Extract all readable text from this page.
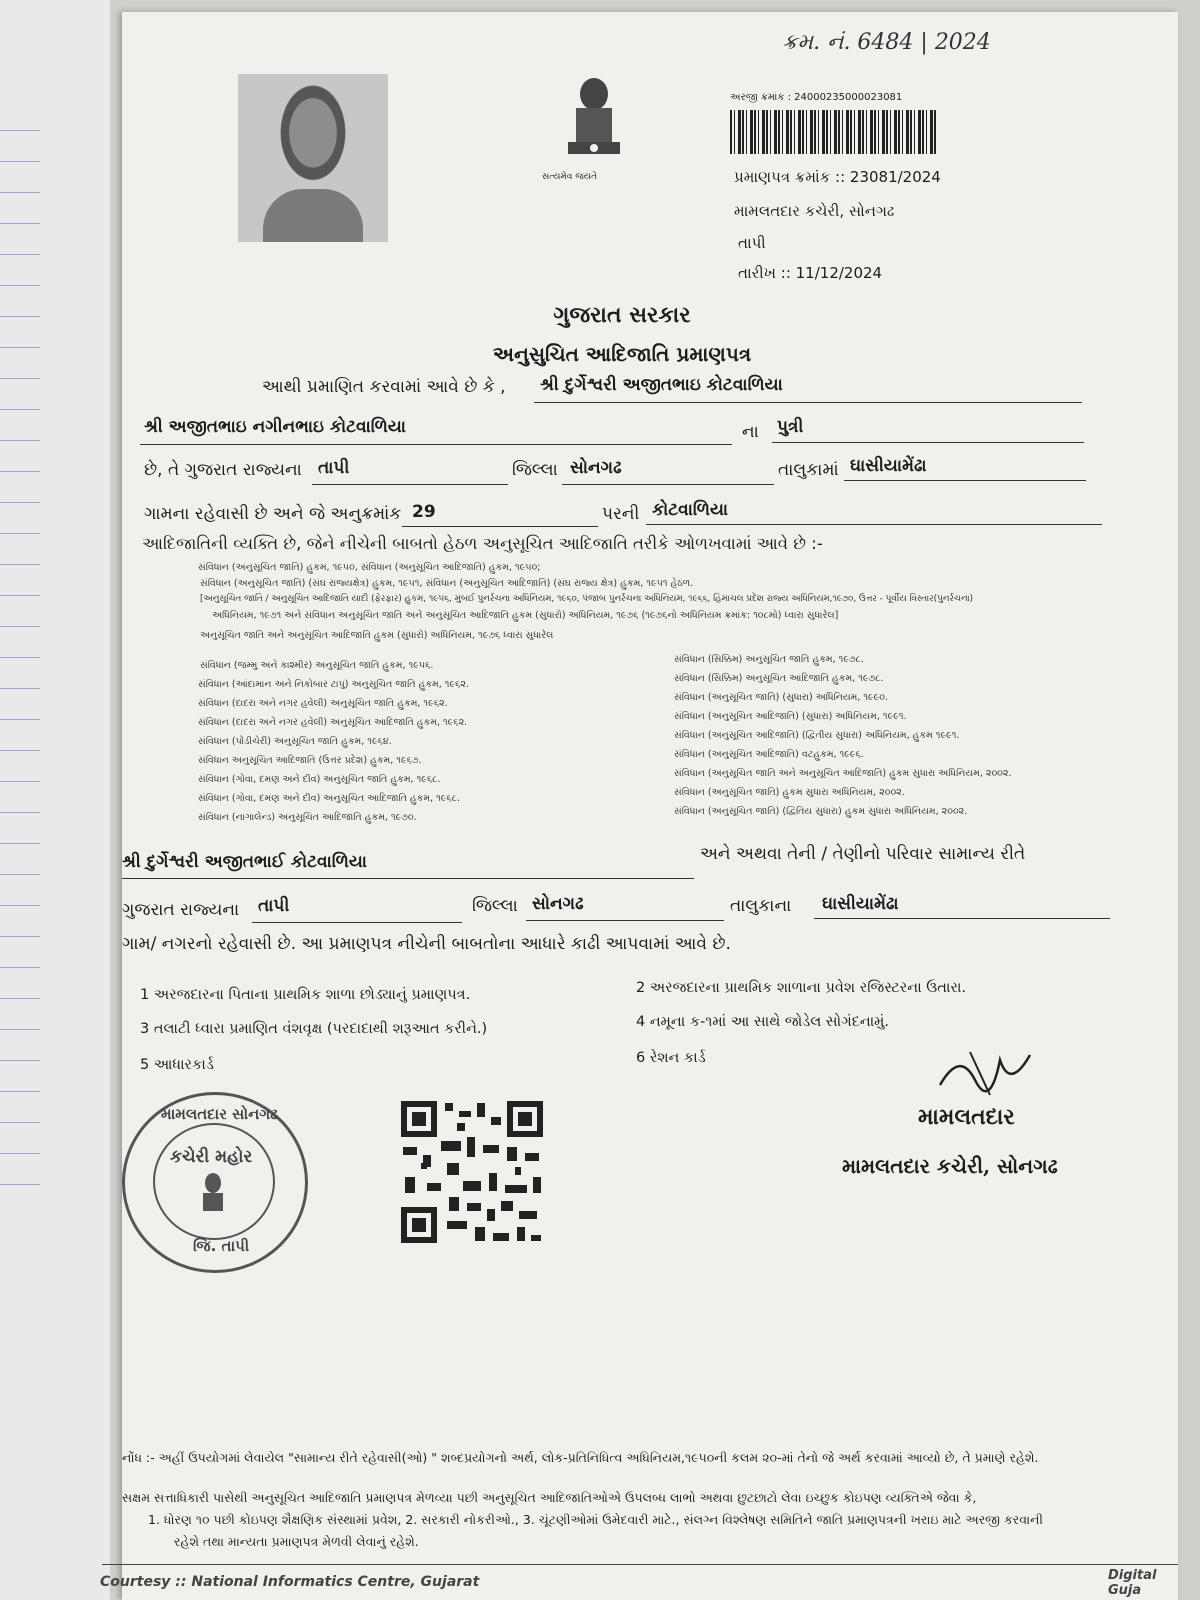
ક્રમ. નં. 6484 | 2024
સત્યમેવ જયતે
અરજી ક્રમાંક : 24000235000023081
પ્રમાણપત્ર ક્રમાંક :: 23081/2024
મામલતદાર કચેરી, સોનગઢ
તાપી
તારીખ :: 11/12/2024
ગુજરાત સરકાર
અનુસુચિત આદિજાતિ પ્રમાણપત્ર
આથી પ્રમાણિત કરવામાં આવે છે કે , શ્રી દુર્ગેશ્વરી અજીતભાઇ કોટવાળિયા
શ્રી અજીતભાઇ નગીનભાઇ કોટવાળિયા	ના પુત્રી
છે, તે ગુજરાત રાજ્યના તાપી	જિલ્લા સોનગઢ	તાલુકામાં ઘાસીયામેંઢા
ગામના રહેવાસી છે અને જે અનુક્રમાંક 29	પરની કોટવાળિયા
આદિજાતિની વ્યક્તિ છે, જેને નીચેની બાબતો હેઠળ અનુસૂચિત આદિજાતિ તરીકે ઓળખવામાં આવે છે :-
સંવિધાન (અનુસૂચિત જાતિ) હુકમ, ૧૯૫૦, સંવિધાન (અનુસૂચિત આદિજાતિ) હુકમ, ૧૯૫૦;
સંવિધાન (અનુસૂચિત જાતિ) (સંઘ રાજ્યક્ષેત્ર) હુકમ, ૧૯૫૧, સંવિધાન (અનુસૂચિત આદિજાતિ) (સંઘ રાજ્ય ક્ષેત્ર) હુકમ, ૧૯૫૧ હેઠળ.
[અનુસૂચિત જાતિ / અનુસૂચિત આદિજાતિ યાદી (ફેરફાર) હુકમ, ૧૯૫૬, મુંબઈ પુનર્રચના અધિનિયમ, ૧૯૬૦, પંજાબ પુનર્રચના અધિનિયમ, ૧૯૬૬, હિમાચલ પ્રદેશ રાજ્ય અધિનિયમ,૧૯૭૦, ઉત્તર - પૂર્વીય વિસ્તાર(પુનર્રચના)
અધિનિયમ, ૧૯૭૧ અને સંવિધાન અનુસૂચિત જાતિ અને અનુસૂચિત આદિજાતિ હુકમ (સુધારો) અધિનિયમ, ૧૯૭૬ (૧૯૭૬નો અધિનિયમ ક્રમાંક: ૧૦૮મો) ધ્વારા સુધારેલ]
અનુસૂચિત જાતિ અને અનુસૂચિત આદિજાતિ હુકમ (સુધારો) અધિનિયમ, ૧૯૭૬ ધ્વારા સુધારેલ
સંવિધાન (જમ્મુ અને કાશ્મીર) અનુસૂચિત જાતિ હુકમ, ૧૯૫૬.
સંવિધાન (આંદામાન અને નિકોબાર ટાપુ) અનુસૂચિત જાતિ હુકમ, ૧૯૬૨.
સંવિધાન (દાદરા અને નગર હવેલી) અનુસૂચિત જાતિ હુકમ, ૧૯૬૨.
સંવિધાન (દાદરા અને નગર હવેલી) અનુસૂચિત આદિજાતિ હુકમ, ૧૯૬૨.
સંવિધાન (પોંડીચેરી) અનુસૂચિત જાતિ હુકમ, ૧૯૬૪.
સંવિધાન અનુસૂચિત આદિજાતિ (ઉત્તર પ્રદેશ) હુકમ, ૧૯૬૭.
સંવિધાન (ગોવા, દમણ અને દીવ) અનુસૂચિત જાતિ હુકમ, ૧૯૬૮.
સંવિધાન (ગોવા, દમણ અને દીવ) અનુસૂચિત આદિજાતિ હુકમ, ૧૯૬૮.
સંવિધાન (નાગાલેન્ડ) અનુસૂચિત આદિજાતિ હુકમ, ૧૯૭૦.
સંવિધાન (સિક્કિમ) અનુસૂચિત જાતિ હુકમ, ૧૯૭૮.
સંવિધાન (સિક્કિમ) અનુસૂચિત આદિજાતિ હુકમ, ૧૯૭૮.
સંવિધાન (અનુસૂચિત જાતિ) (સુધારા) અધિનિયમ, ૧૯૯૦.
સંવિધાન (અનુસૂચિત આદિજાતિ) (સુધારા) અધિનિયમ, ૧૯૯૧.
સંવિધાન (અનુસૂચિત આદિજાતિ) (દ્વિતીય સુધારા) અધિનિયમ, હુકમ ૧૯૯૧.
સંવિધાન (અનુસૂચિત આદિજાતિ) વટહુકમ, ૧૯૯૬.
સંવિધાન (અનુસૂચિત જાતિ અને અનુસૂચિત આદિજાતિ) હુકમ સુધારા અધિનિયમ, ૨૦૦૨.
સંવિધાન (અનુસૂચિત જાતિ) હુકમ સુધારા અધિનિયમ, ૨૦૦૨.
સંવિધાન (અનુસૂચિત જાતિ) (દ્વિતિય સુધારા) હુકમ સુધારા અધિનિયમ, ૨૦૦૨.
શ્રી દુર્ગેશ્વરી અજીતભાઈ કોટવાળિયા	અને અથવા તેની / તેણીનો પરિવાર સામાન્ય રીતે
ગુજરાત રાજ્યના તાપી	જિલ્લા સોનગઢ	તાલુકાના ઘાસીયામેંઢા
ગામ/ નગરનો રહેવાસી છે. આ પ્રમાણપત્ર નીચેની બાબતોના આધારે કાઢી આપવામાં આવે છે.
1 અરજદારના પિતાના પ્રાથમિક શાળા છોડ્યાનું પ્રમાણપત્ર.	2 અરજદારના પ્રાથમિક શાળાના પ્રવેશ રજિસ્ટરના ઉતારા.
3 તલાટી ધ્વારા પ્રમાણિત વંશવૃક્ષ (પરદાદાથી શરૂઆત કરીને.)	4 નમૂના ક-૧માં આ સાથે જોડેલ સોગંદનામું.
5 આધારકાર્ડ	6 રેશન કાર્ડ
મામલતદાર સોનગઢ
કચેરી મહોર
જિ. તાપી
મામલતદાર
મામલતદાર કચેરી, સોનગઢ
નોંધ :- અહીં ઉપયોગમાં લેવાયેલ "સામાન્ય રીતે રહેવાસી(ઓ) " શબ્દપ્રયોગનો અર્થ, લોક-પ્રતિનિધિત્વ અધિનિયમ,૧૯૫૦ની કલમ ૨૦-માં તેનો જે અર્થ કરવામાં આવ્યો છે, તે પ્રમાણે રહેશે.
સક્ષમ સત્તાધિકારી પાસેથી અનુસૂચિત આદિજાતિ પ્રમાણપત્ર મેળવ્યા પછી અનુસૂચિત આદિજાતિઓએ ઉપલબ્ધ લાભો અથવા છુટછાટો લેવા ઇચ્છુક કોઇપણ વ્યક્તિએ જેવા કે,
1. ધોરણ ૧૦ પછી કોઇપણ શૈક્ષણિક સંસ્થામાં પ્રવેશ, 2. સરકારી નોકરીઓ., 3. ચૂંટણીઓમાં ઉમેદવારી માટે., સંલગ્ન વિશ્લેષણ સમિતિને જાતિ પ્રમાણપત્રની ખરાઇ માટે અરજી કરવાની
રહેશે તથા માન્યતા પ્રમાણપત્ર મેળવી લેવાનું રહેશે.
Courtesy :: National Informatics Centre, Gujarat	Digital Guja
